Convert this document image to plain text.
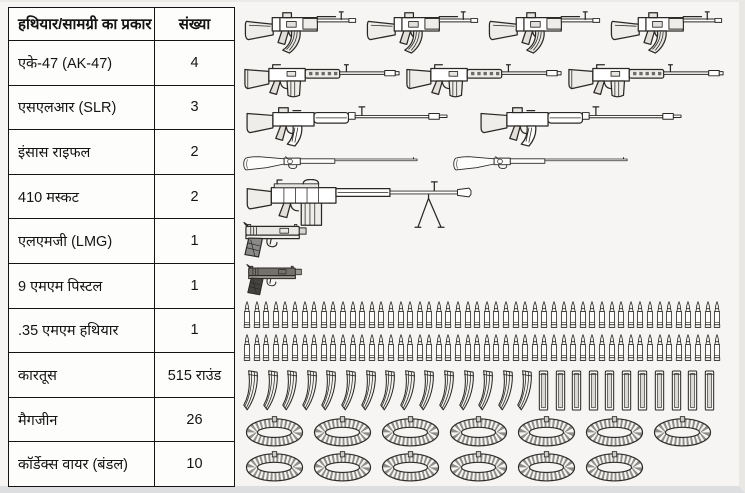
हथियार/सामग्री का प्रकार	संख्या
एके-47 (AK-47)	4
एसएलआर (SLR)	3
इंसास राइफल	2
410 मस्कट	2
एलएमजी (LMG)	1
9 एमएम पिस्टल	1
.35 एमएम हथियार	1
कारतूस	515 राउंड
मैगजीन	26
कॉर्डेक्स वायर (बंडल)	10
